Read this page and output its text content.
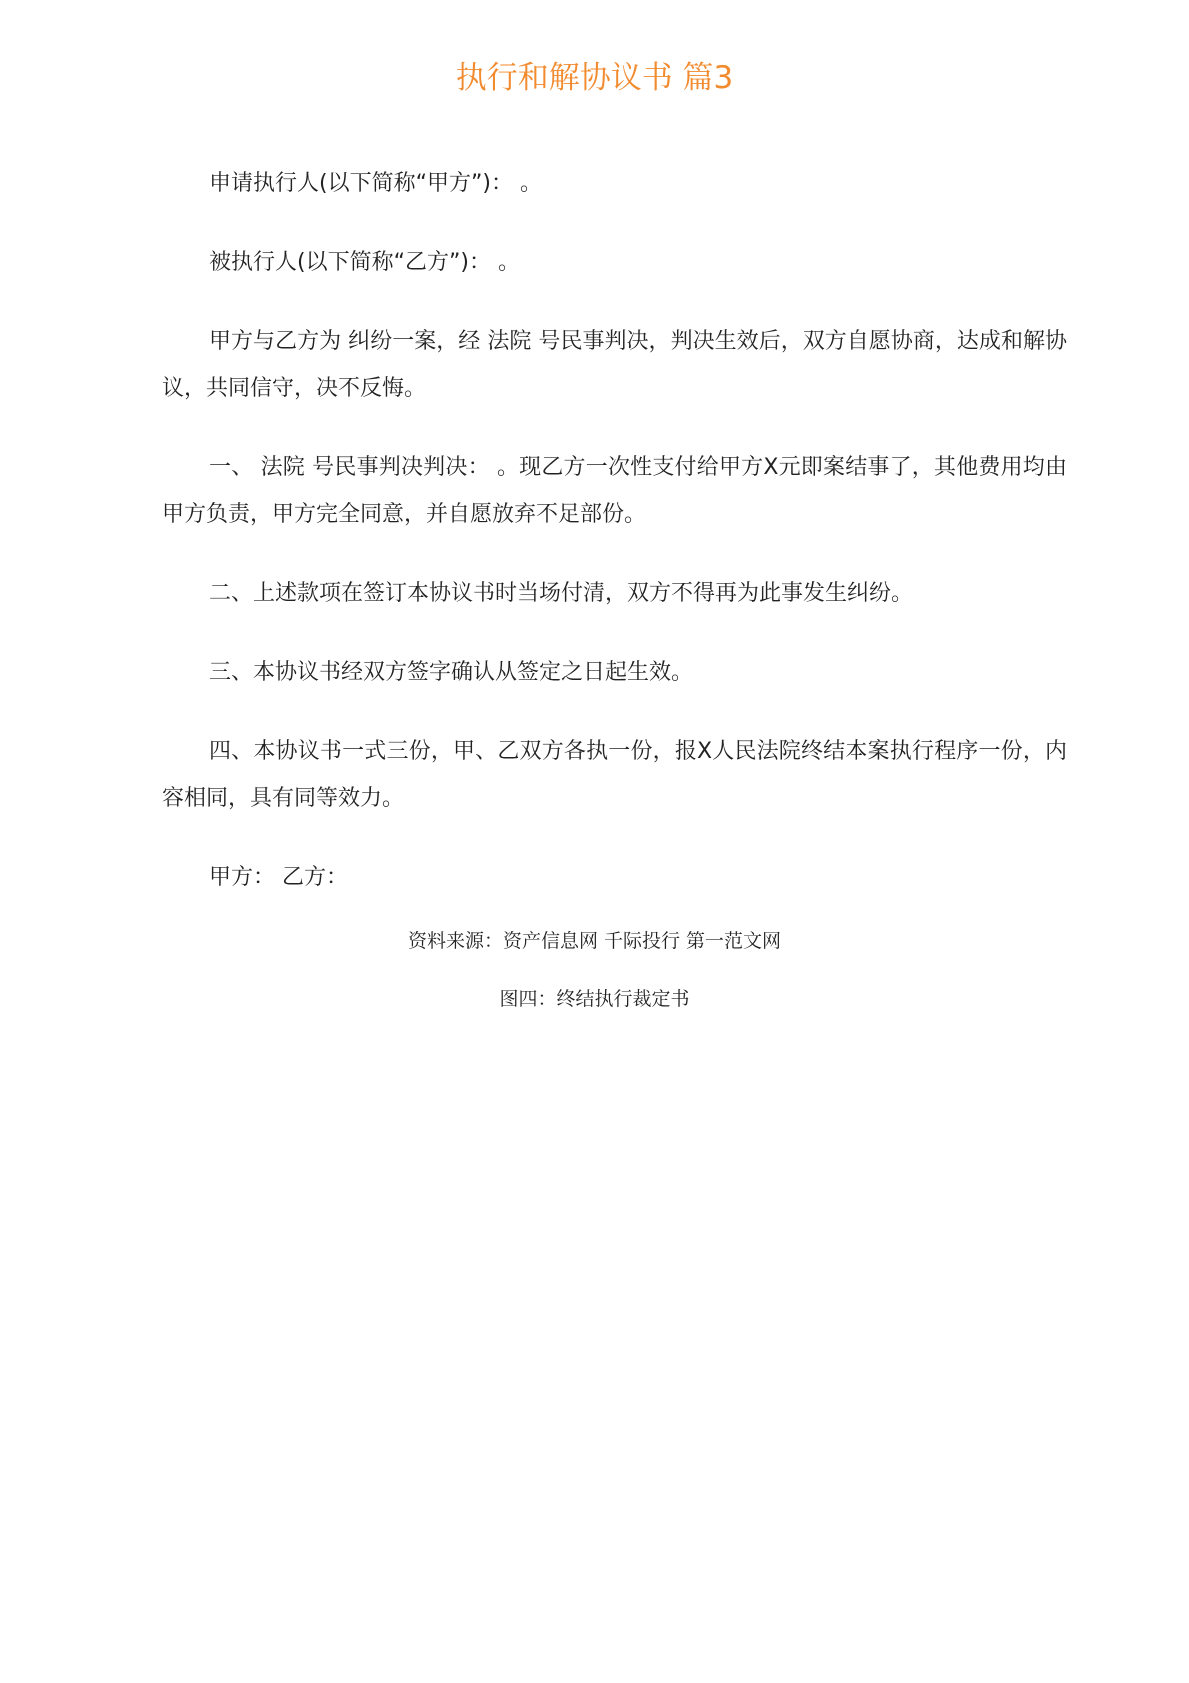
执行和解协议书 篇3

申请执行人(以下简称“甲方”)： 。

被执行人(以下简称“乙方”)： 。

甲方与乙方为 纠纷一案，经 法院 号民事判决，判决生效后，双方自愿协商，达成和解协议，共同信守，决不反悔。

一、 法院 号民事判决判决： 。现乙方一次性支付给甲方X元即案结事了，其他费用均由甲方负责，甲方完全同意，并自愿放弃不足部份。

二、上述款项在签订本协议书时当场付清，双方不得再为此事发生纠纷。

三、本协议书经双方签字确认从签定之日起生效。

四、本协议书一式三份，甲、乙双方各执一份，报X人民法院终结本案执行程序一份，内容相同，具有同等效力。

甲方： 乙方：

资料来源：资产信息网 千际投行 第一范文网
图四：终结执行裁定书
